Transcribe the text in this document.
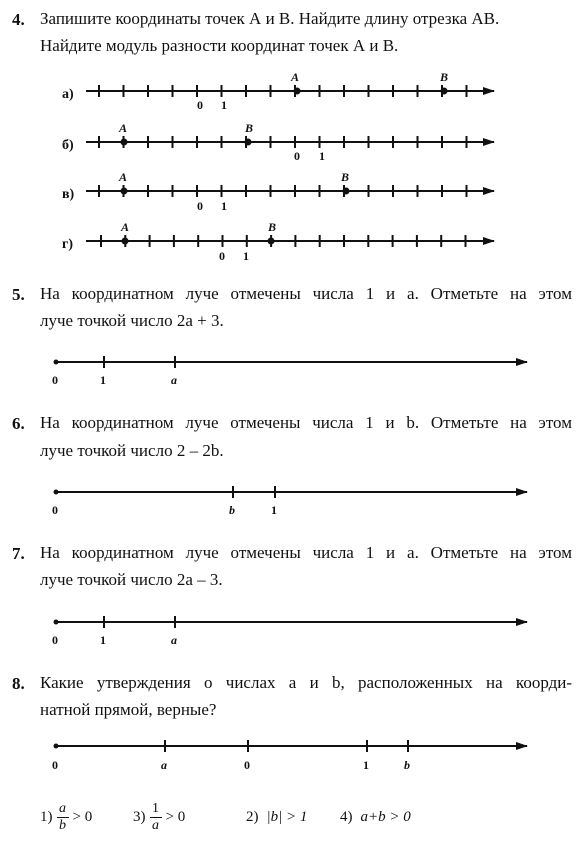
4. Запишите координаты точек А и В. Найдите длину отрезка АВ.
Найдите модуль разности координат точек А и В.
а)
A	B
0 1
б)
A	B
0 1
в)
A	B
0 1
г)
A	B
0 1
0	1	a
0	b	1
0	1	a
0	a	0	1	b
5. На координатном луче отмечены числа 1 и а. Отметьте на этом
луче точкой число 2а + 3.
6. На координатном луче отмечены числа 1 и b. Отметьте на этом
луче точкой число 2 – 2b.
7. На координатном луче отмечены числа 1 и а. Отметьте на этом
луче точкой число 2а – 3.
8. Какие утверждения о числах а и b, расположенных на коорди-
натной прямой, верные?
$1) \frac{a}{b} > 0$	$3) \frac{1}{a} > 0$	2) |b| > 1 4) a+b > 0
